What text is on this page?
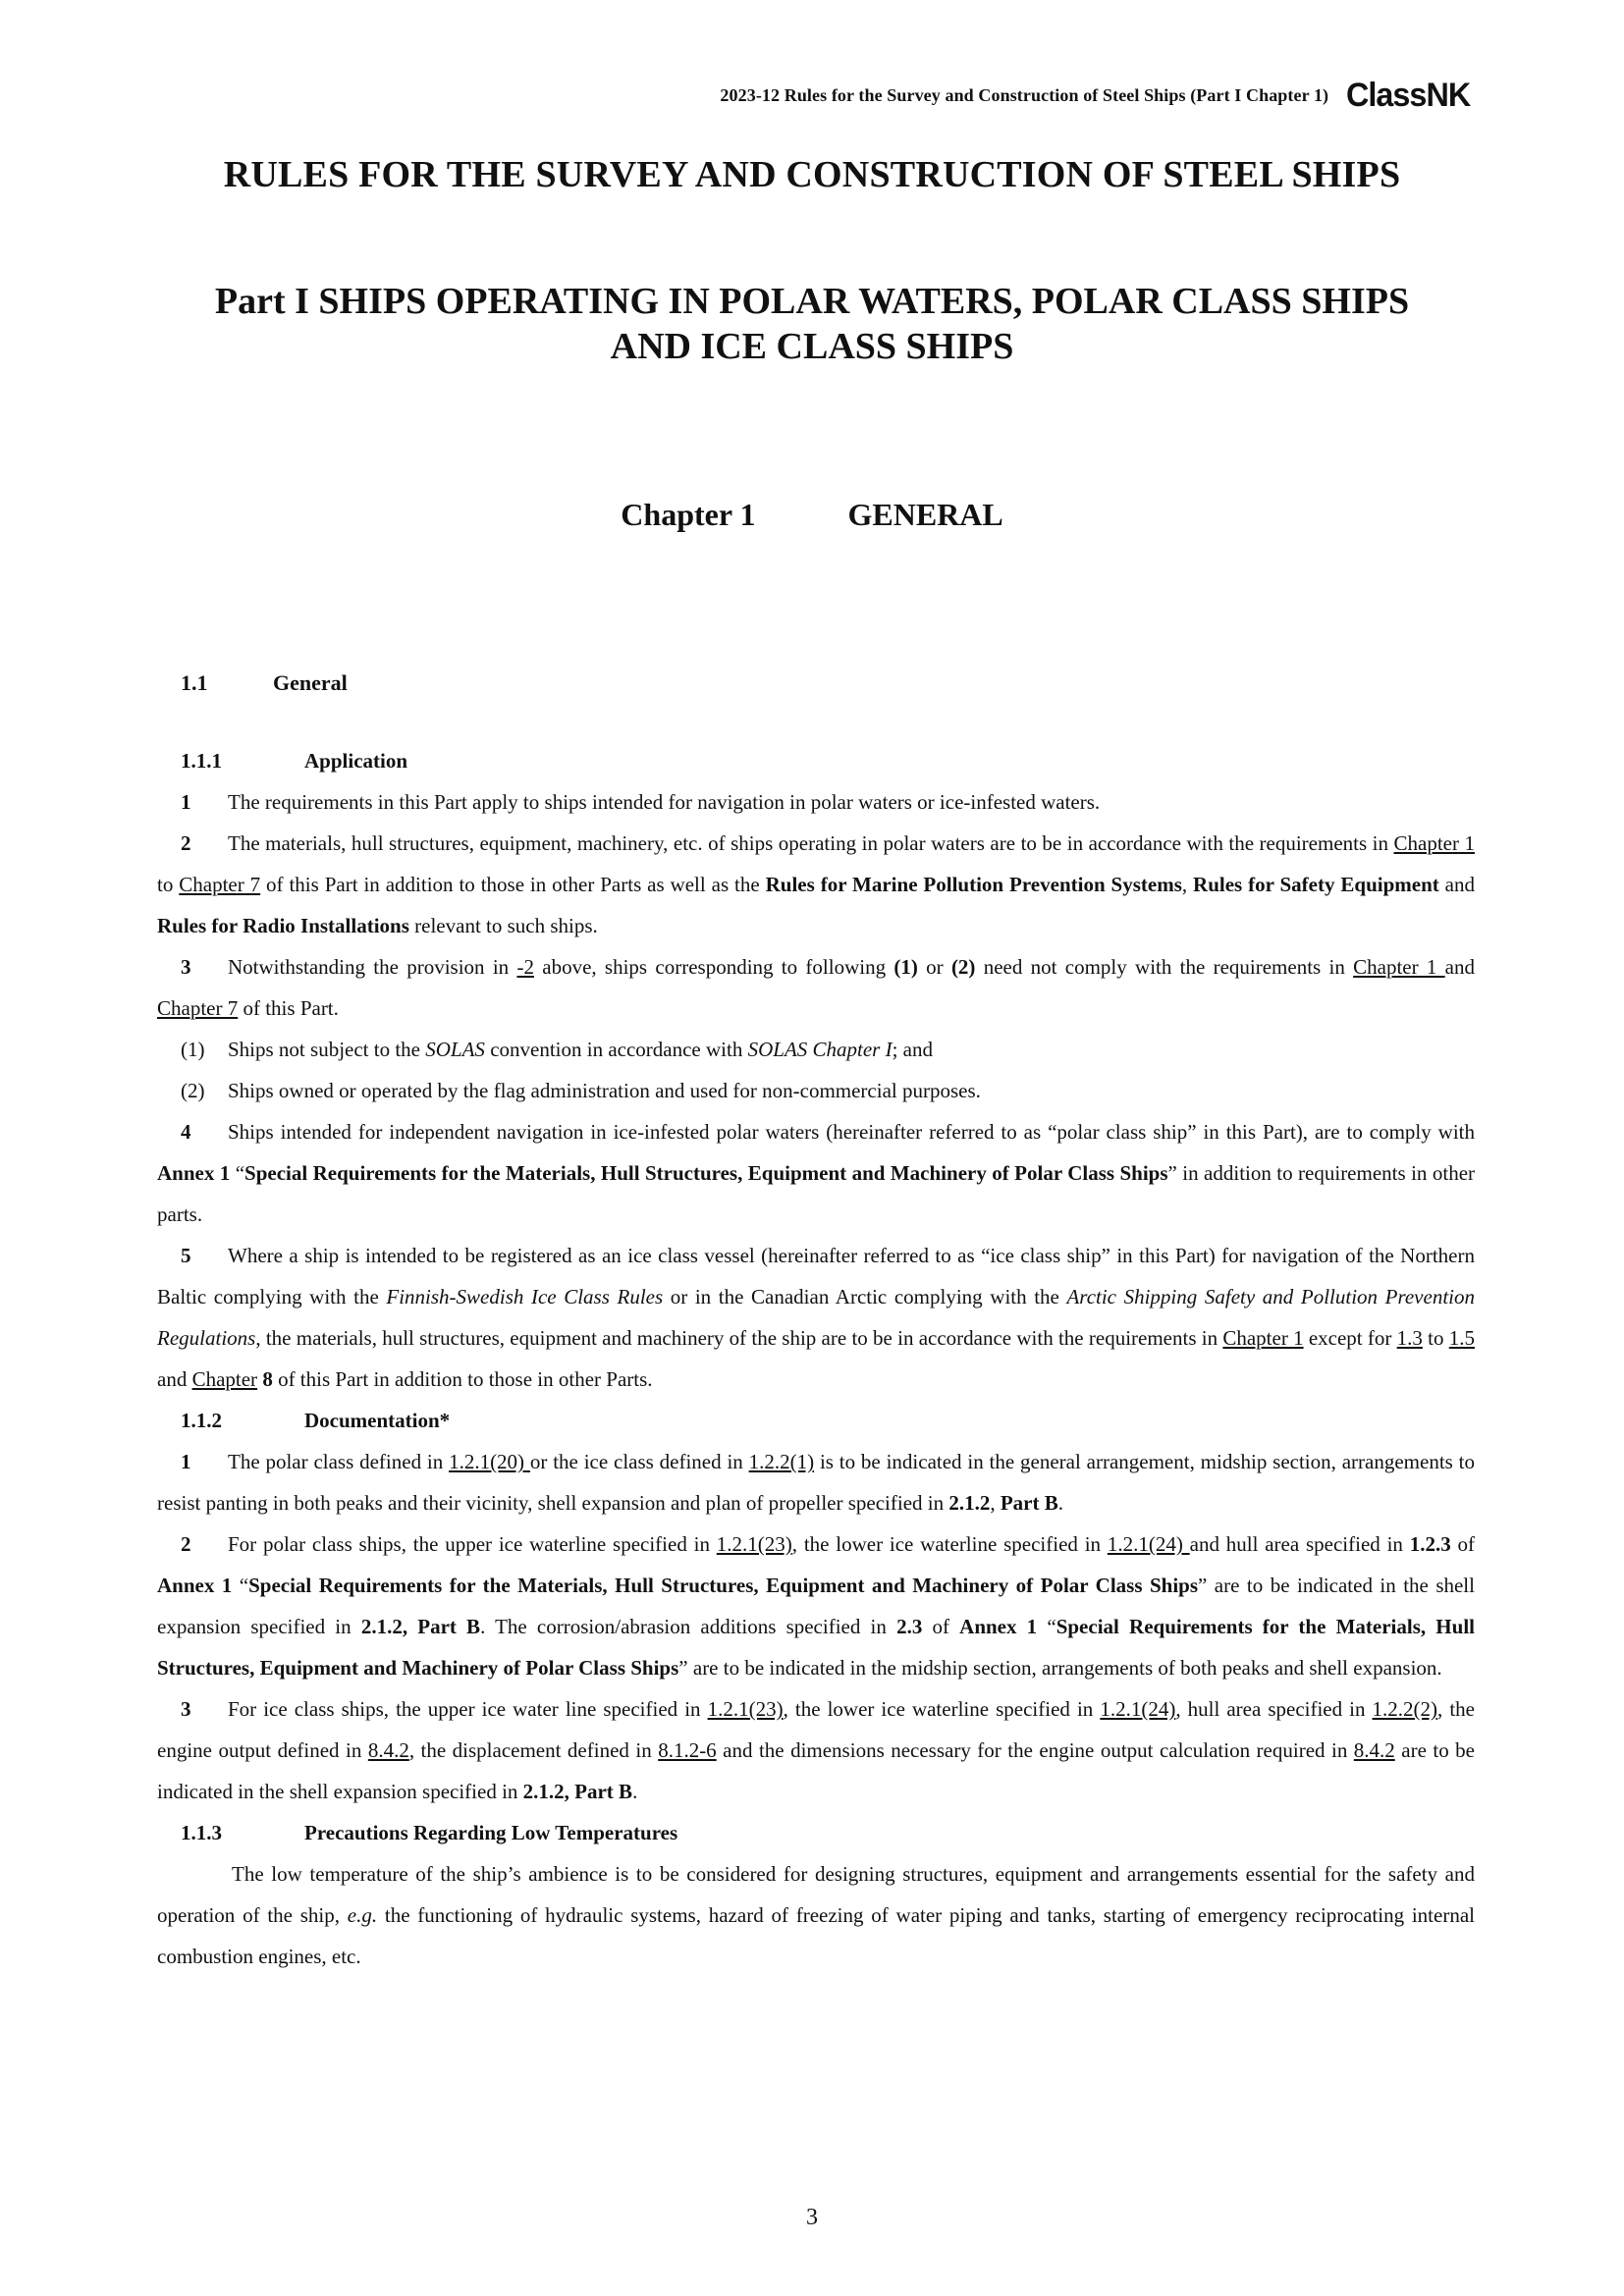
2023-12 Rules for the Survey and Construction of Steel Ships (Part I Chapter 1) ClassNK
RULES FOR THE SURVEY AND CONSTRUCTION OF STEEL SHIPS
Part I SHIPS OPERATING IN POLAR WATERS, POLAR CLASS SHIPS
AND ICE CLASS SHIPS
Chapter 1	GENERAL
1.1	General
1.1.1	Application

1 The requirements in this Part apply to ships intended for navigation in polar waters or ice-infested waters.

2 The materials, hull structures, equipment, machinery, etc. of ships operating in polar waters are to be in accordance with the requirements in Chapter 1 to Chapter 7 of this Part in addition to those in other Parts as well as the Rules for Marine Pollution Prevention Systems, Rules for Safety Equipment and Rules for Radio Installations relevant to such ships.

3 Notwithstanding the provision in -2 above, ships corresponding to following (1) or (2) need not comply with the requirements in Chapter 1 and Chapter 7 of this Part.

(1) Ships not subject to the SOLAS convention in accordance with SOLAS Chapter I; and

(2) Ships owned or operated by the flag administration and used for non-commercial purposes.

4 Ships intended for independent navigation in ice-infested polar waters (hereinafter referred to as “polar class ship” in this Part), are to comply with Annex 1 “Special Requirements for the Materials, Hull Structures, Equipment and Machinery of Polar Class Ships” in addition to requirements in other parts.

5 Where a ship is intended to be registered as an ice class vessel (hereinafter referred to as “ice class ship” in this Part) for navigation of the Northern Baltic complying with the Finnish-Swedish Ice Class Rules or in the Canadian Arctic complying with the Arctic Shipping Safety and Pollution Prevention Regulations, the materials, hull structures, equipment and machinery of the ship are to be in accordance with the requirements in Chapter 1 except for 1.3 to 1.5 and Chapter 8 of this Part in addition to those in other Parts.

1.1.2	Documentation*

1 The polar class defined in 1.2.1(20) or the ice class defined in 1.2.2(1) is to be indicated in the general arrangement, midship section, arrangements to resist panting in both peaks and their vicinity, shell expansion and plan of propeller specified in 2.1.2, Part B.

2 For polar class ships, the upper ice waterline specified in 1.2.1(23), the lower ice waterline specified in 1.2.1(24) and hull area specified in 1.2.3 of Annex 1 “Special Requirements for the Materials, Hull Structures, Equipment and Machinery of Polar Class Ships” are to be indicated in the shell expansion specified in 2.1.2, Part B. The corrosion/abrasion additions specified in 2.3 of Annex 1 “Special Requirements for the Materials, Hull Structures, Equipment and Machinery of Polar Class Ships” are to be indicated in the midship section, arrangements of both peaks and shell expansion.

3 For ice class ships, the upper ice water line specified in 1.2.1(23), the lower ice waterline specified in 1.2.1(24), hull area specified in 1.2.2(2), the engine output defined in 8.4.2, the displacement defined in 8.1.2-6 and the dimensions necessary for the engine output calculation required in 8.4.2 are to be indicated in the shell expansion specified in 2.1.2, Part B.

1.1.3	Precautions Regarding Low Temperatures

The low temperature of the ship’s ambience is to be considered for designing structures, equipment and arrangements essential for the safety and operation of the ship, e.g. the functioning of hydraulic systems, hazard of freezing of water piping and tanks, starting of emergency reciprocating internal combustion engines, etc.

3
